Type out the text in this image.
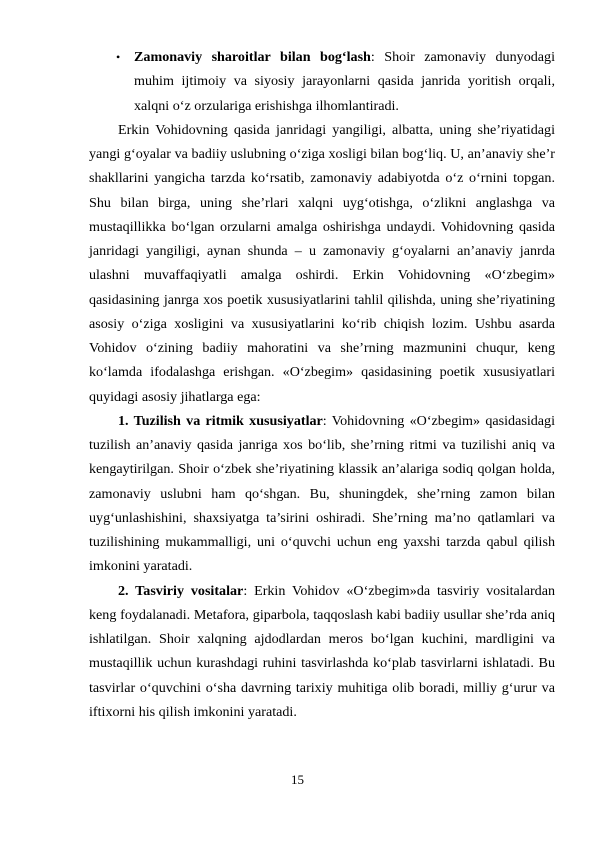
• Zamonaviy sharoitlar bilan bog‘lash: Shoir zamonaviy dunyodagi muhim ijtimoiy va siyosiy jarayonlarni qasida janrida yoritish orqali, xalqni o‘z orzulariga erishishga ilhomlantiradi.

Erkin Vohidovning qasida janridagi yangiligi, albatta, uning she’riyatidagi yangi g‘oyalar va badiiy uslubning o‘ziga xosligi bilan bog‘liq. U, an’anaviy she’r shakllarini yangicha tarzda ko‘rsatib, zamonaviy adabiyotda o‘z o‘rnini topgan. Shu bilan birga, uning she’rlari xalqni uyg‘otishga, o‘zlikni anglashga va mustaqillikka bo‘lgan orzularni amalga oshirishga undaydi. Vohidovning qasida janridagi yangiligi, aynan shunda – u zamonaviy g‘oyalarni an’anaviy janrda ulashni muvaffaqiyatli amalga oshirdi. Erkin Vohidovning «O‘zbegim» qasidasining janrga xos poetik xususiyatlarini tahlil qilishda, uning she’riyatining asosiy o‘ziga xosligini va xususiyatlarini ko‘rib chiqish lozim. Ushbu asarda Vohidov o‘zining badiiy mahoratini va she’rning mazmunini chuqur, keng ko‘lamda ifodalashga erishgan. «O‘zbegim» qasidasining poetik xususiyatlari quyidagi asosiy jihatlarga ega:

1. Tuzilish va ritmik xususiyatlar: Vohidovning «O‘zbegim» qasidasidagi tuzilish an’anaviy qasida janriga xos bo‘lib, she’rning ritmi va tuzilishi aniq va kengaytirilgan. Shoir o‘zbek she’riyatining klassik an’alariga sodiq qolgan holda, zamonaviy uslubni ham qo‘shgan. Bu, shuningdek, she’rning zamon bilan uyg‘unlashishini, shaxsiyatga ta’sirini oshiradi. She’rning ma’no qatlamlari va tuzilishining mukammalligi, uni o‘quvchi uchun eng yaxshi tarzda qabul qilish imkonini yaratadi.

2. Tasviriy vositalar: Erkin Vohidov «O‘zbegim»da tasviriy vositalardan keng foydalanadi. Metafora, giparbola, taqqoslash kabi badiiy usullar she’rda aniq ishlatilgan. Shoir xalqning ajdodlardan meros bo‘lgan kuchini, mardligini va mustaqillik uchun kurashdagi ruhini tasvirlashda ko‘plab tasvirlarni ishlatadi. Bu tasvirlar o‘quvchini o‘sha davrning tarixiy muhitiga olib boradi, milliy g‘urur va iftixorni his qilish imkonini yaratadi.

15
